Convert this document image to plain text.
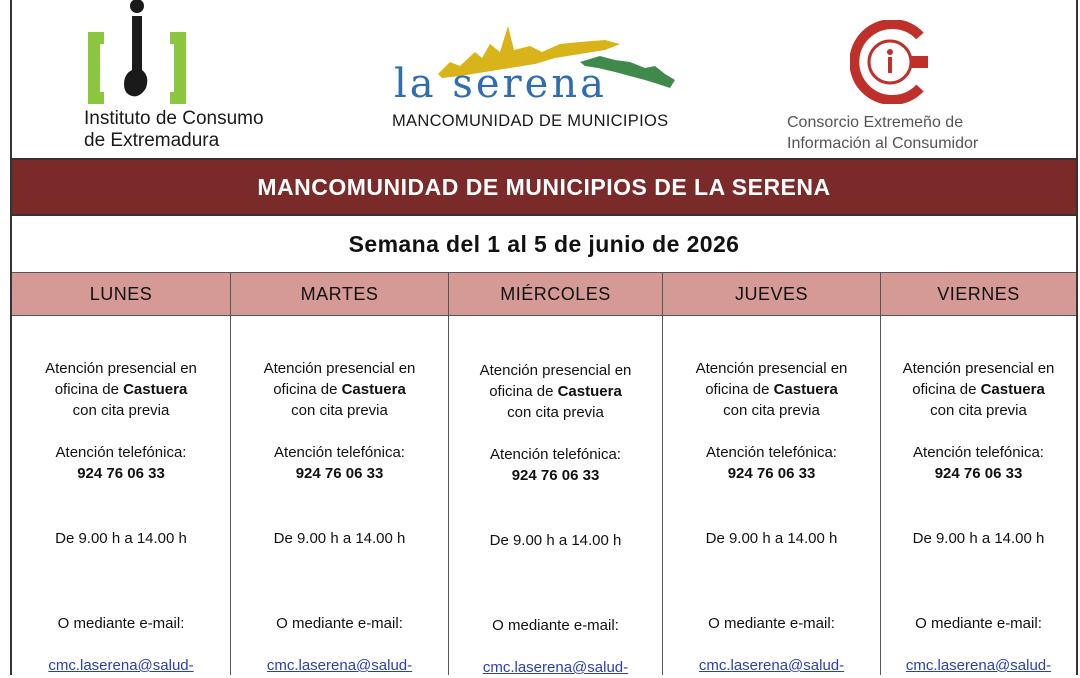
Instituto de Consumo
de Extremadura
la serena
MANCOMUNIDAD DE MUNICIPIOS	Consorcio Extremeño de
Información al Consumidor
MANCOMUNIDAD DE MUNICIPIOS DE LA SERENA
Semana del 1 al 5 de junio de 2026
LUNES
Atención presencial en
oficina de Castuera
con cita previa
Atención telefónica:
924 76 06 33
De 9.00 h a 14.00 h
O mediante e-mail:
cmc.laserena@salud-
MARTES
Atención presencial en
oficina de Castuera
con cita previa
Atención telefónica:
924 76 06 33
De 9.00 h a 14.00 h
O mediante e-mail:
cmc.laserena@salud-
MIÉRCOLES
Atención presencial en
oficina de Castuera
con cita previa
Atención telefónica:
924 76 06 33
De 9.00 h a 14.00 h
O mediante e-mail:
cmc.laserena@salud-
JUEVES
Atención presencial en
oficina de Castuera
con cita previa
Atención telefónica:
924 76 06 33
De 9.00 h a 14.00 h
O mediante e-mail:
cmc.laserena@salud-
VIERNES
Atención presencial en
oficina de Castuera
con cita previa
Atención telefónica:
924 76 06 33
De 9.00 h a 14.00 h
O mediante e-mail:
cmc.laserena@salud-
